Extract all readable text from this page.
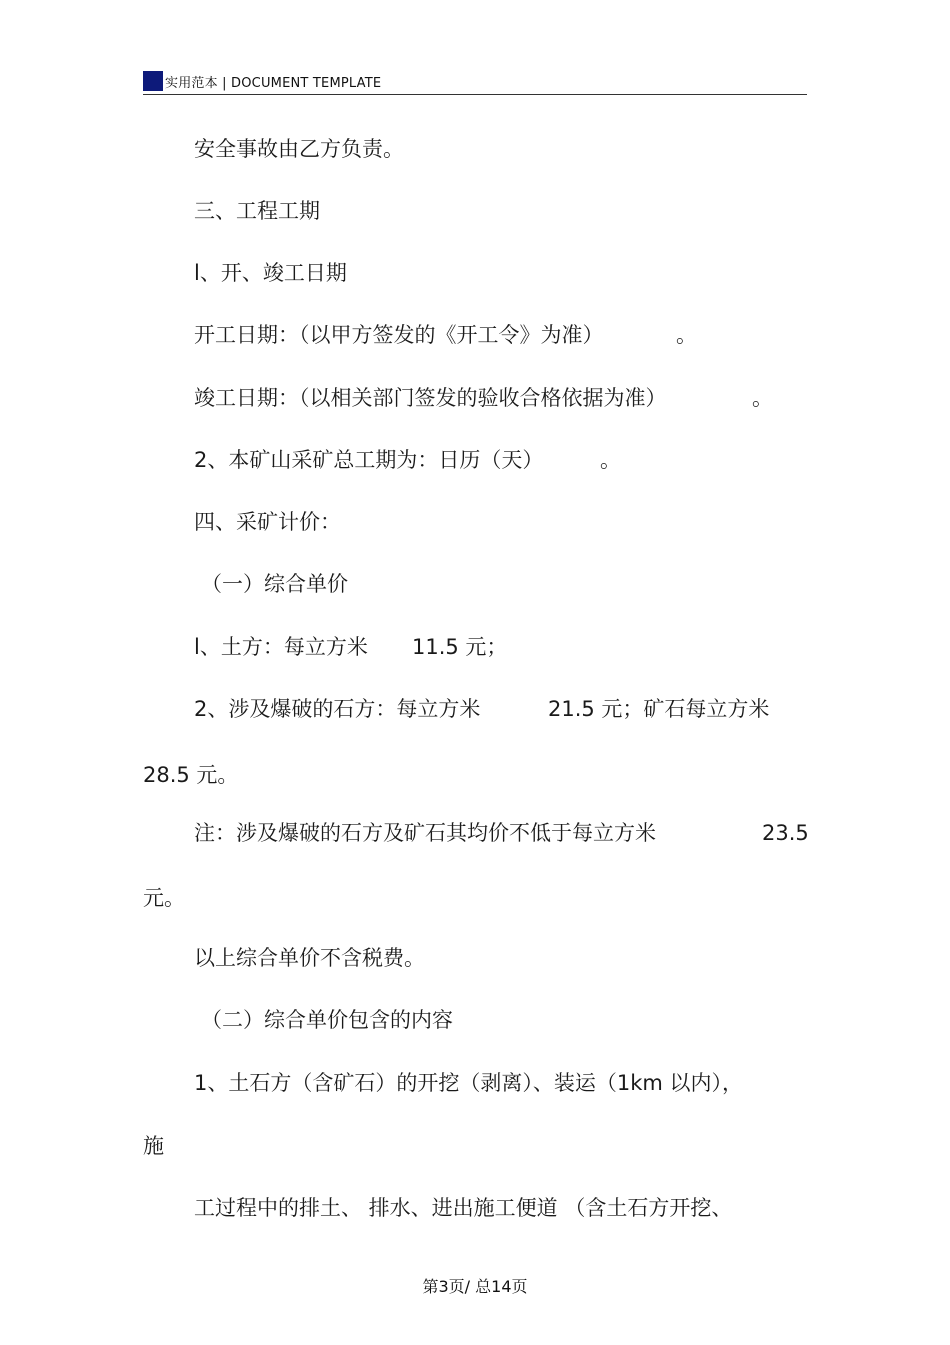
实用范本 | DOCUMENT TEMPLATE
安全事故由乙方负责。
三、工程工期
l、开、竣工日期
开工日期：（以甲方签发的《开工令》为准）	。
竣工日期：（以相关部门签发的验收合格依据为准）	。
2、本矿山采矿总工期为：日历（天）	。
四、采矿计价：
（一）综合单价
l、土方：每立方米 11.5 元；
2、涉及爆破的石方：每立方米	21.5 元；矿石每立方米
28.5 元。
注：涉及爆破的石方及矿石其均价不低于每立方米	23.5
元。
以上综合单价不含税费。
（二）综合单价包含的内容
1、土石方（含矿石）的开挖（剥离）、装运（1km 以内），
施
工过程中的排土、 排水、进出施工便道 （含土石方开挖、
第3页/ 总14页
